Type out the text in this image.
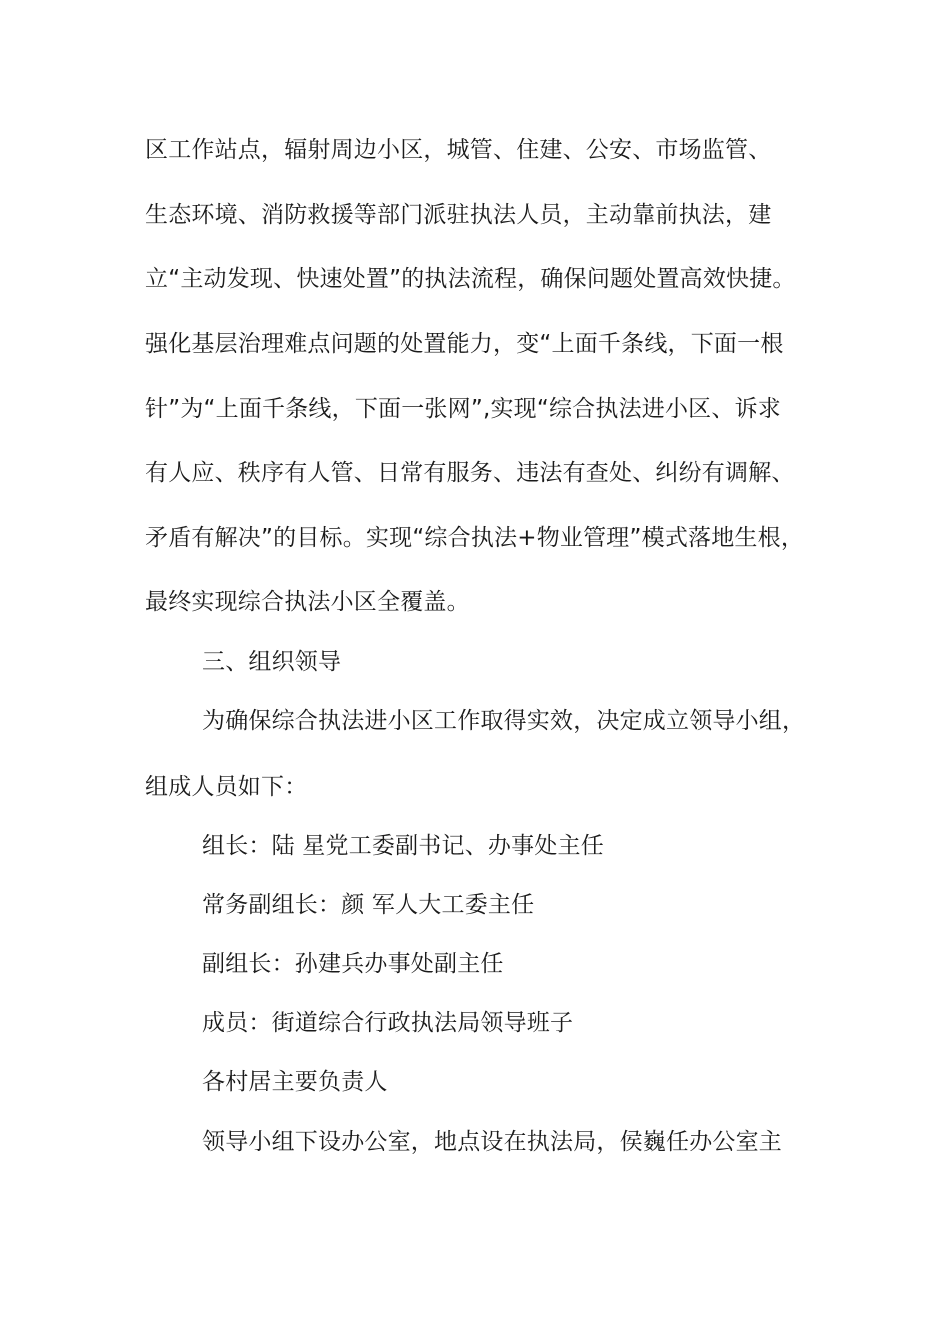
区工作站点，辐射周边小区，城管、住建、公安、市场监管、
生态环境、消防救援等部门派驻执法人员，主动靠前执法，建
立“主动发现、快速处置”的执法流程，确保问题处置高效快捷。
强化基层治理难点问题的处置能力，变“上面千条线，下面一根
针”为“上面千条线，下面一张网”,实现“综合执法进小区、诉求
有人应、秩序有人管、日常有服务、违法有查处、纠纷有调解、
矛盾有解决”的目标。实现“综合执法+物业管理”模式落地生根，
最终实现综合执法小区全覆盖。
三、组织领导
为确保综合执法进小区工作取得实效，决定成立领导小组，
组成人员如下：
组长：陆 星党工委副书记、办事处主任
常务副组长：颜 军人大工委主任
副组长：孙建兵办事处副主任
成员：街道综合行政执法局领导班子
各村居主要负责人
领导小组下设办公室，地点设在执法局，侯巍任办公室主
